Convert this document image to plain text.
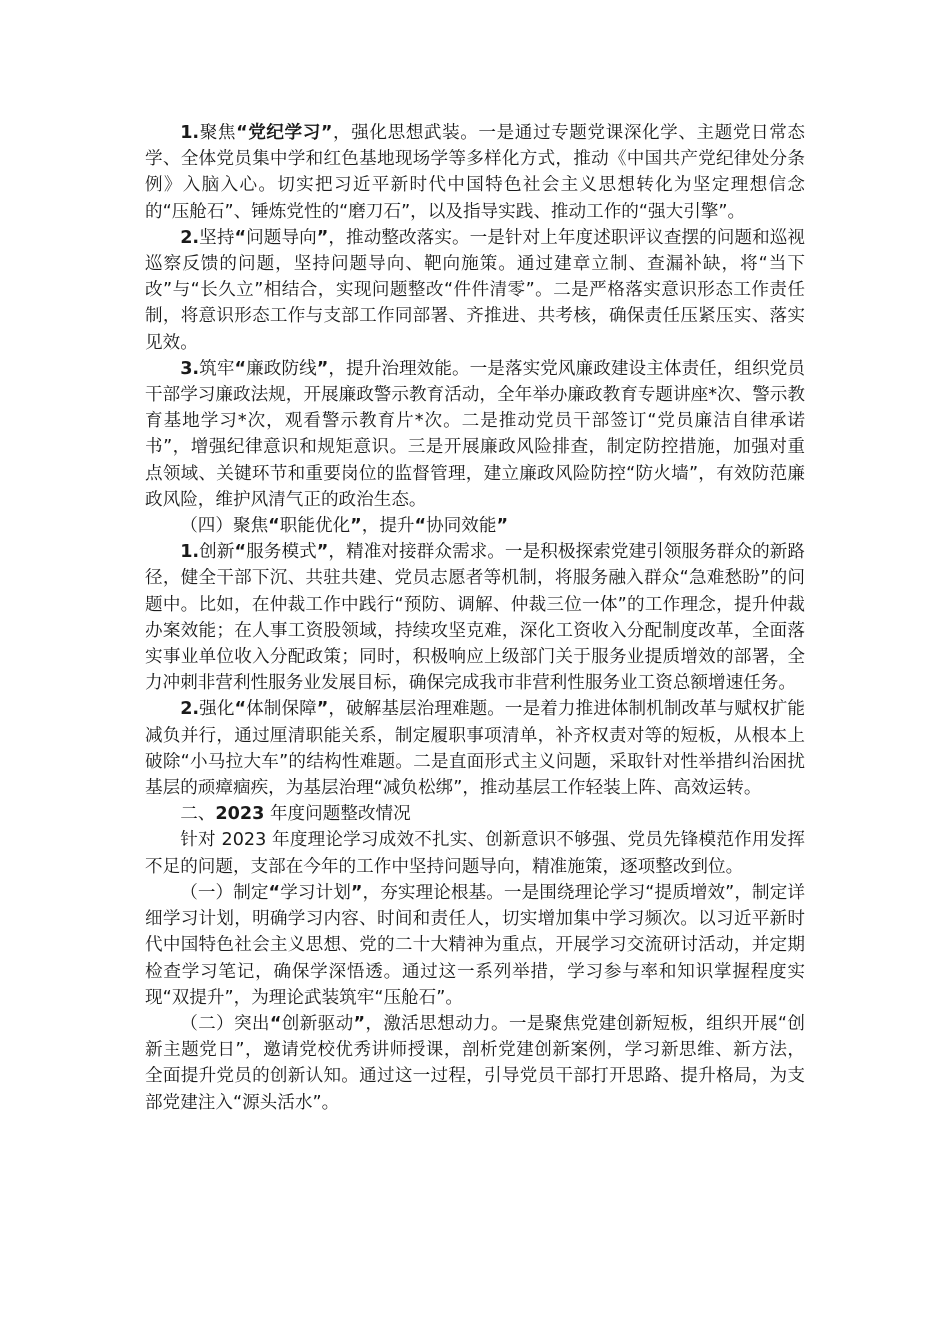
1.聚焦“党纪学习”，强化思想武装。一是通过专题党课深化学、主题党日常态学、全体党员集中学和红色基地现场学等多样化方式，推动《中国共产党纪律处分条例》入脑入心。切实把习近平新时代中国特色社会主义思想转化为坚定理想信念的“压舱石”、锤炼党性的“磨刀石”，以及指导实践、推动工作的“强大引擎”。

2.坚持“问题导向”，推动整改落实。一是针对上年度述职评议查摆的问题和巡视巡察反馈的问题，坚持问题导向、靶向施策。通过建章立制、查漏补缺，将“当下改”与“长久立”相结合，实现问题整改“件件清零”。二是严格落实意识形态工作责任制，将意识形态工作与支部工作同部署、齐推进、共考核，确保责任压紧压实、落实见效。

3.筑牢“廉政防线”，提升治理效能。一是落实党风廉政建设主体责任，组织党员干部学习廉政法规，开展廉政警示教育活动，全年举办廉政教育专题讲座*次、警示教育基地学习*次，观看警示教育片*次。二是推动党员干部签订“党员廉洁自律承诺书”，增强纪律意识和规矩意识。三是开展廉政风险排查，制定防控措施，加强对重点领域、关键环节和重要岗位的监督管理，建立廉政风险防控“防火墙”，有效防范廉政风险，维护风清气正的政治生态。

（四）聚焦“职能优化”，提升“协同效能”

1.创新“服务模式”，精准对接群众需求。一是积极探索党建引领服务群众的新路径，健全干部下沉、共驻共建、党员志愿者等机制，将服务融入群众“急难愁盼”的问题中。比如，在仲裁工作中践行“预防、调解、仲裁三位一体”的工作理念，提升仲裁办案效能；在人事工资股领域，持续攻坚克难，深化工资收入分配制度改革，全面落实事业单位收入分配政策；同时，积极响应上级部门关于服务业提质增效的部署，全力冲刺非营利性服务业发展目标，确保完成我市非营利性服务业工资总额增速任务。

2.强化“体制保障”，破解基层治理难题。一是着力推进体制机制改革与赋权扩能减负并行，通过厘清职能关系，制定履职事项清单，补齐权责对等的短板，从根本上破除“小马拉大车”的结构性难题。二是直面形式主义问题，采取针对性举措纠治困扰基层的顽瘴痼疾，为基层治理“减负松绑”，推动基层工作轻装上阵、高效运转。

二、2023 年度问题整改情况

针对 2023 年度理论学习成效不扎实、创新意识不够强、党员先锋模范作用发挥不足的问题，支部在今年的工作中坚持问题导向，精准施策，逐项整改到位。

（一）制定“学习计划”，夯实理论根基。一是围绕理论学习“提质增效”，制定详细学习计划，明确学习内容、时间和责任人，切实增加集中学习频次。以习近平新时代中国特色社会主义思想、党的二十大精神为重点，开展学习交流研讨活动，并定期检查学习笔记，确保学深悟透。通过这一系列举措，学习参与率和知识掌握程度实现“双提升”，为理论武装筑牢“压舱石”。

（二）突出“创新驱动”，激活思想动力。一是聚焦党建创新短板，组织开展“创新主题党日”，邀请党校优秀讲师授课，剖析党建创新案例，学习新思维、新方法，全面提升党员的创新认知。通过这一过程，引导党员干部打开思路、提升格局，为支部党建注入“源头活水”。
